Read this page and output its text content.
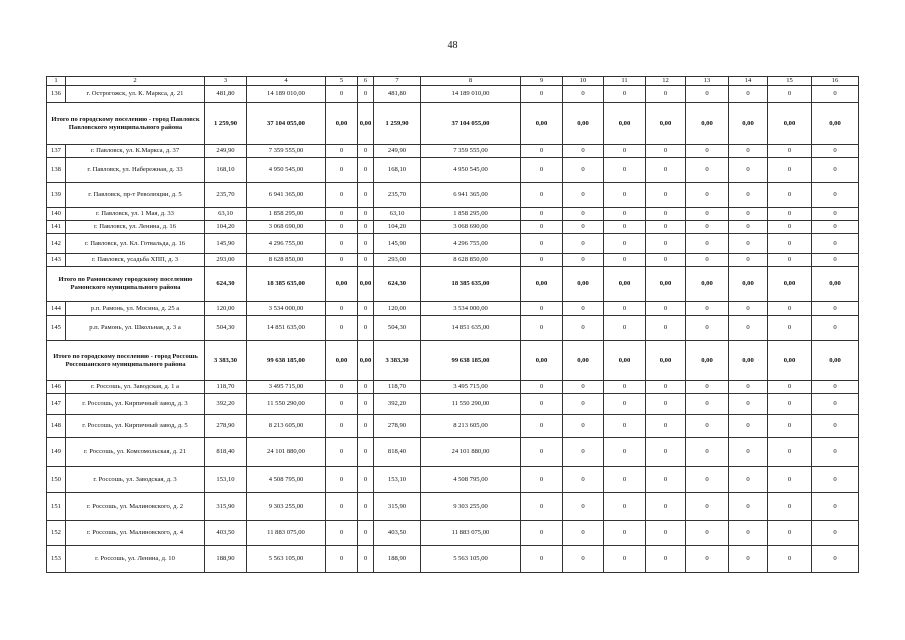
48
1	2	3	4	5	6	7	8	9	10	11	12	13	14	15	16
136	г. Острогожск, ул. К. Маркса, д. 21	481,80	14 189 010,00	0	0	481,80	14 189 010,00	0	0	0	0	0	0	0	0
Итого по городскому поселению - город Павловск Павловского муниципального района		1 259,90	37 104 055,00	0,00	0,00	1 259,90	37 104 055,00	0,00	0,00	0,00	0,00	0,00	0,00	0,00	0,00
137	г. Павловск, ул. К.Маркса, д. 37	249,90	7 359 555,00	0	0	249,90	7 359 555,00	0	0	0	0	0	0	0	0
138	г. Павловск, ул. Набережная, д. 33	168,10	4 950 545,00	0	0	168,10	4 950 545,00	0	0	0	0	0	0	0	0
139	г. Павловск, пр-т Революции, д. 5	235,70	6 941 365,00	0	0	235,70	6 941 365,00	0	0	0	0	0	0	0	0
140	г. Павловск, ул. 1 Мая, д. 33	63,10	1 858 295,00	0	0	63,10	1 858 295,00	0	0	0	0	0	0	0	0
141	г. Павловск, ул. Ленина, д. 16	104,20	3 068 690,00	0	0	104,20	3 068 690,00	0	0	0	0	0	0	0	0
142	г. Павловск, ул. Кл. Готвальда, д. 16	145,90	4 296 755,00	0	0	145,90	4 296 755,00	0	0	0	0	0	0	0	0
143	г. Павловск, усадьба ХПП, д. 3	293,00	8 628 850,00	0	0	293,00	8 628 850,00	0	0	0	0	0	0	0	0
Итого по Рамонскому городскому поселению Рамонского муниципального района		624,30	18 385 635,00	0,00	0,00	624,30	18 385 635,00	0,00	0,00	0,00	0,00	0,00	0,00	0,00	0,00
144	р.п. Рамонь, ул. Мосина, д. 25 а	120,00	3 534 000,00	0	0	120,00	3 534 000,00	0	0	0	0	0	0	0	0
145	р.п. Рамонь, ул. Школьная, д. 3 а	504,30	14 851 635,00	0	0	504,30	14 851 635,00	0	0	0	0	0	0	0	0
Итого по городскому поселению - город Россошь Россошанского муниципального района		3 383,30	99 638 185,00	0,00	0,00	3 383,30	99 638 185,00	0,00	0,00	0,00	0,00	0,00	0,00	0,00	0,00
146	г. Россошь, ул. Заводская, д. 1 а	118,70	3 495 715,00	0	0	118,70	3 495 715,00	0	0	0	0	0	0	0	0
147	г. Россошь, ул. Кирпичный завод, д. 3	392,20	11 550 290,00	0	0	392,20	11 550 290,00	0	0	0	0	0	0	0	0
148	г. Россошь, ул. Кирпичный завод, д. 5	278,90	8 213 605,00	0	0	278,90	8 213 605,00	0	0	0	0	0	0	0	0
149	г. Россошь, ул. Комсомольская, д. 21	818,40	24 101 880,00	0	0	818,40	24 101 880,00	0	0	0	0	0	0	0	0
150	г. Россошь, ул. Заводская, д. 3	153,10	4 508 795,00	0	0	153,10	4 508 795,00	0	0	0	0	0	0	0	0
151	г. Россошь, ул. Малиновского, д. 2	315,90	9 303 255,00	0	0	315,90	9 303 255,00	0	0	0	0	0	0	0	0
152	г. Россошь, ул. Малиновского, д. 4	403,50	11 883 075,00	0	0	403,50	11 883 075,00	0	0	0	0	0	0	0	0
153	г. Россошь, ул. Ленина, д. 10	188,90	5 563 105,00	0	0	188,90	5 563 105,00	0	0	0	0	0	0	0	0
